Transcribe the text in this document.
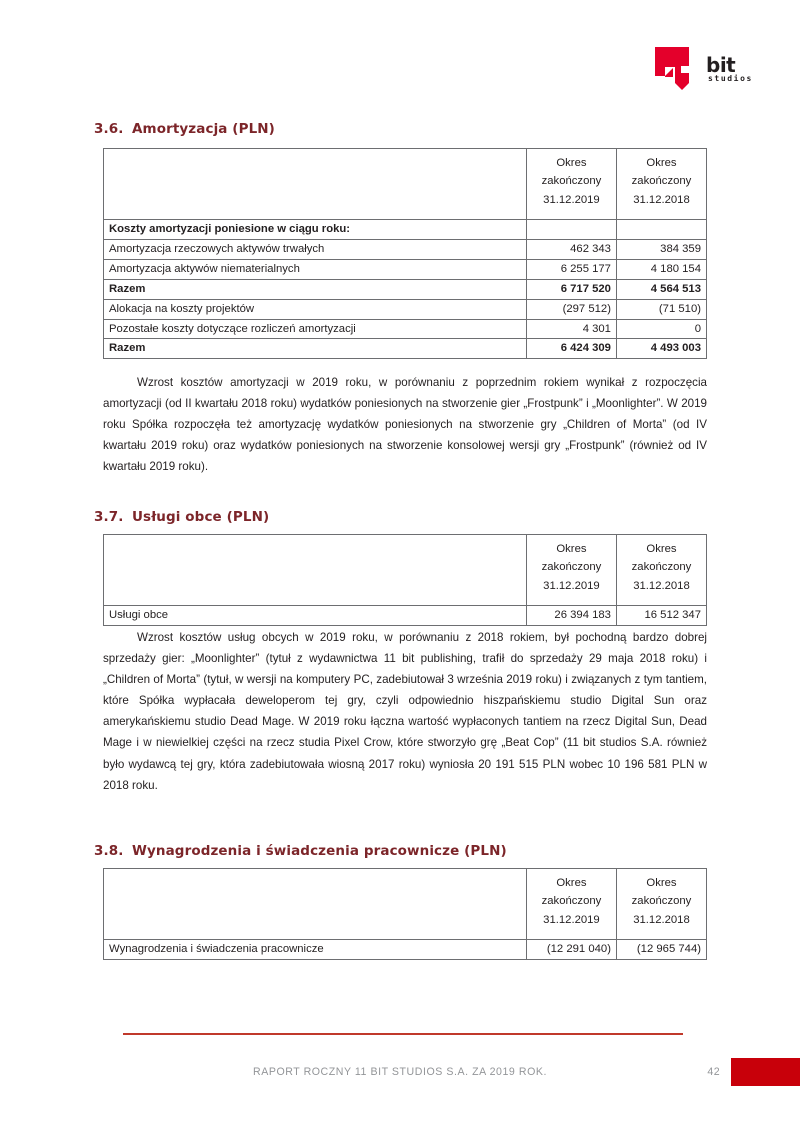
bit
studios
3.6. Amortyzacja (PLN)
	Okres
zakończony
31.12.2019	Okres
zakończony
31.12.2018
Koszty amortyzacji poniesione w ciągu roku:		
Amortyzacja rzeczowych aktywów trwałych	462 343	384 359
Amortyzacja aktywów niematerialnych	6 255 177	4 180 154
Razem	6 717 520	4 564 513
Alokacja na koszty projektów	(297 512)	(71 510)
Pozostałe koszty dotyczące rozliczeń amortyzacji	4 301	0
Razem	6 424 309	4 493 003
Wzrost kosztów amortyzacji w 2019 roku, w porównaniu z poprzednim rokiem wynikał z rozpoczęcia amortyzacji (od II kwartału 2018 roku) wydatków poniesionych na stworzenie gier „Frostpunk” i „Moonlighter”. W 2019 roku Spółka rozpoczęła też amortyzację wydatków poniesionych na stworzenie gry „Children of Morta” (od IV kwartału 2019 roku) oraz wydatków poniesionych na stworzenie konsolowej wersji gry „Frostpunk” (również od IV kwartału 2019 roku).
3.7. Usługi obce (PLN)
	Okres
zakończony
31.12.2019	Okres
zakończony
31.12.2018
Usługi obce	26 394 183	16 512 347
Wzrost kosztów usług obcych w 2019 roku, w porównaniu z 2018 rokiem, był pochodną bardzo dobrej sprzedaży gier: „Moonlighter” (tytuł z wydawnictwa 11 bit publishing, trafił do sprzedaży 29 maja 2018 roku) i „Children of Morta” (tytuł, w wersji na komputery PC, zadebiutował 3 września 2019 roku) i związanych z tym tantiem, które Spółka wypłacała deweloperom tej gry, czyli odpowiednio hiszpańskiemu studio Digital Sun oraz amerykańskiemu studio Dead Mage. W 2019 roku łączna wartość wypłaconych tantiem na rzecz Digital Sun, Dead Mage i w niewielkiej części na rzecz studia Pixel Crow, które stworzyło grę „Beat Cop” (11 bit studios S.A. również było wydawcą tej gry, która zadebiutowała wiosną 2017 roku) wyniosła 20 191 515 PLN wobec 10 196 581 PLN w 2018 roku.
3.8. Wynagrodzenia i świadczenia pracownicze (PLN)
	Okres
zakończony
31.12.2019	Okres
zakończony
31.12.2018
Wynagrodzenia i świadczenia pracownicze	(12 291 040)	(12 965 744)
RAPORT ROCZNY 11 BIT STUDIOS S.A. ZA 2019 ROK.	42
